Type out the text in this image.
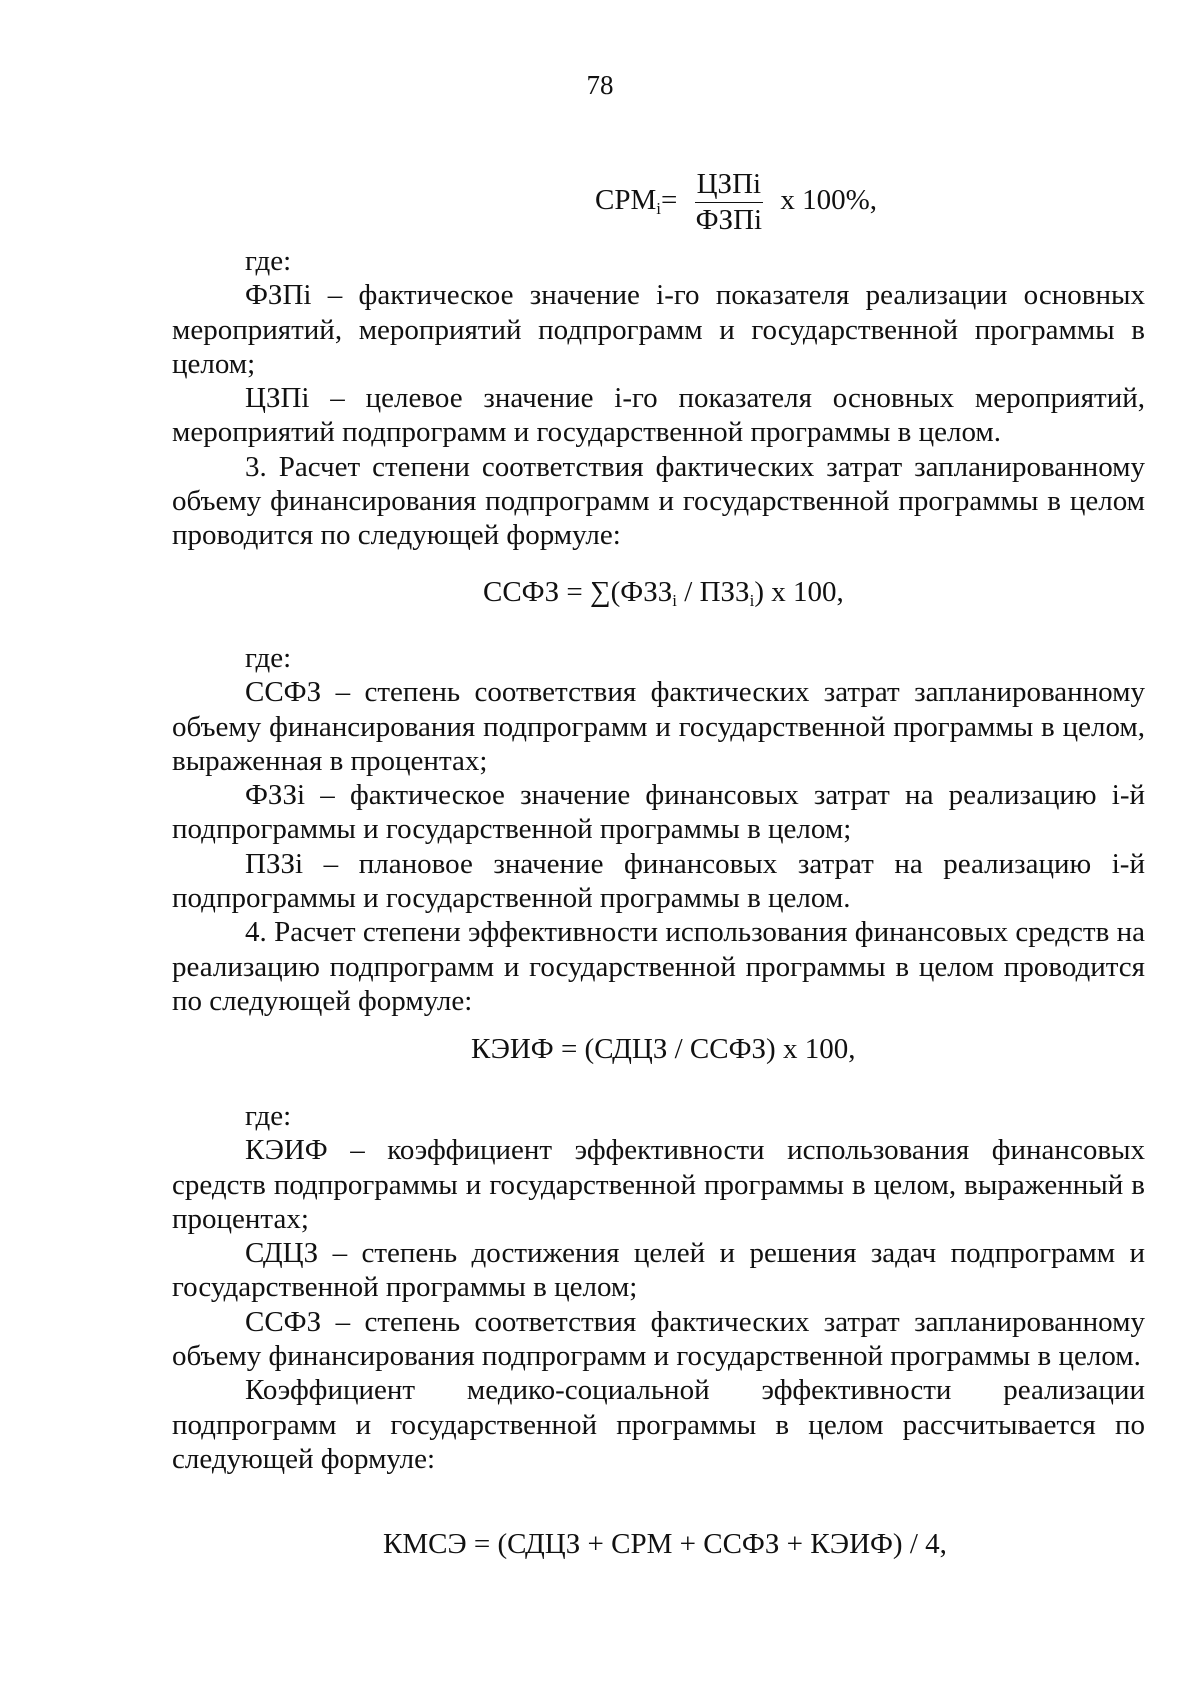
78
$СРМ_i= \frac{\text{ЦЗПi}}{\text{ФЗПi}}$ x 100%,

где:

ФЗПi – фактическое значение i-го показателя реализации основных мероприятий, мероприятий подпрограмм и государственной программы в целом;

ЦЗПi – целевое значение i-го показателя основных мероприятий, мероприятий подпрограмм и государственной программы в целом.

3. Расчет степени соответствия фактических затрат запланированному объему финансирования подпрограмм и государственной программы в целом проводится по следующей формуле:

ССФЗ = $\sum(ФЗЗ_i / ПЗЗ_i)$ x 100,

где:

ССФЗ – степень соответствия фактических затрат запланированному объему финансирования подпрограмм и государственной программы в целом, выраженная в процентах;

ФЗЗi – фактическое значение финансовых затрат на реализацию i-й подпрограммы и государственной программы в целом;

ПЗЗi – плановое значение финансовых затрат на реализацию i-й подпрограммы и государственной программы в целом.

4. Расчет степени эффективности использования финансовых средств на реализацию подпрограмм и государственной программы в целом проводится по следующей формуле:

КЭИФ = (СДЦЗ / ССФЗ) x 100,

где:

КЭИФ – коэффициент эффективности использования финансовых средств подпрограммы и государственной программы в целом, выраженный в процентах;

СДЦЗ – степень достижения целей и решения задач подпрограмм и государственной программы в целом;

ССФЗ – степень соответствия фактических затрат запланированному объему финансирования подпрограмм и государственной программы в целом.

Коэффициент медико-социальной эффективности реализации подпрограмм и государственной программы в целом рассчитывается по следующей формуле:

КМСЭ = (СДЦЗ + СРМ + ССФЗ + КЭИФ) / 4,
